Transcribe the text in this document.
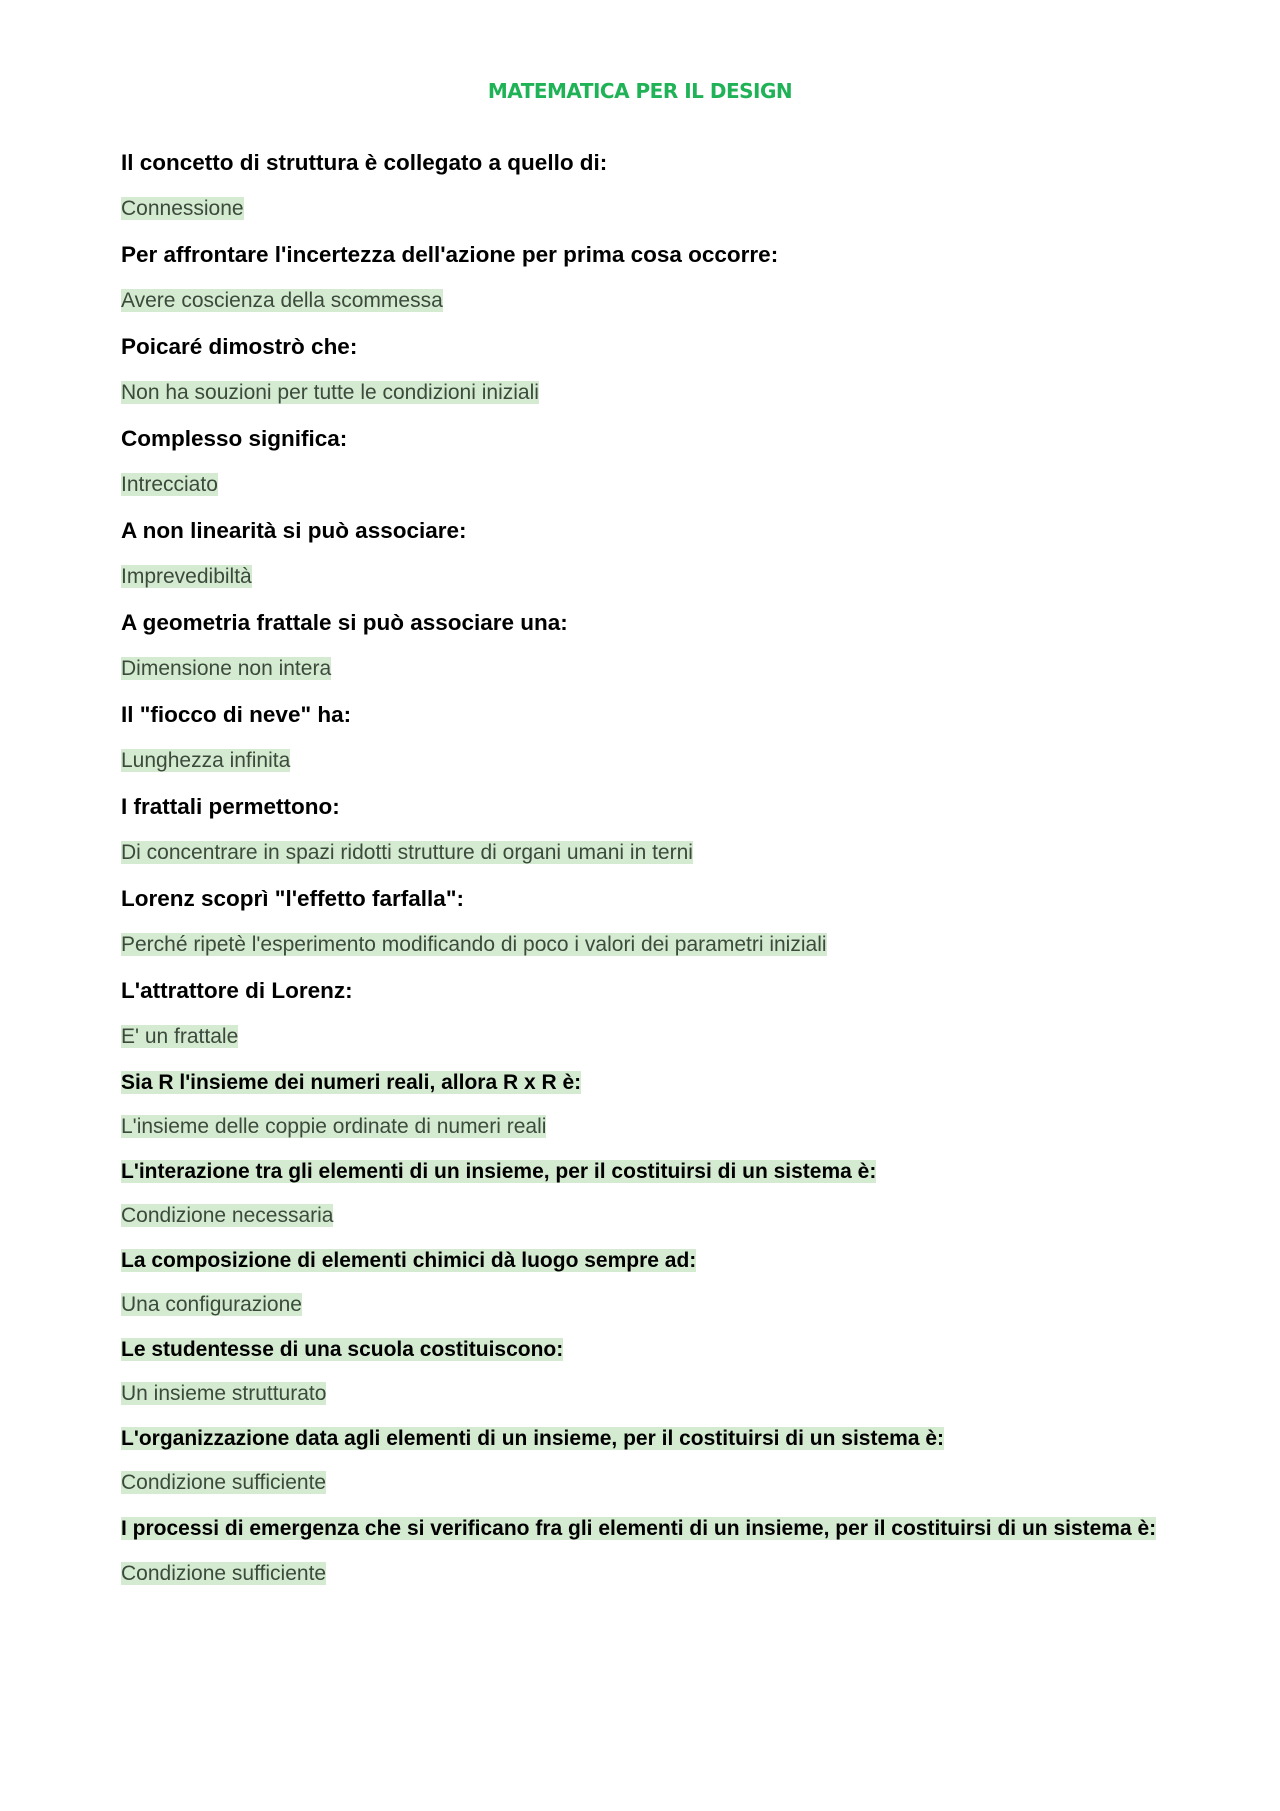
MATEMATICA PER IL DESIGN

Il concetto di struttura è collegato a quello di:

Connessione

Per affrontare l'incertezza dell'azione per prima cosa occorre:

Avere coscienza della scommessa

Poicaré dimostrò che:

Non ha souzioni per tutte le condizioni iniziali

Complesso significa:

Intrecciato

A non linearità si può associare:

Imprevedibiltà

A geometria frattale si può associare una:

Dimensione non intera

Il "fiocco di neve" ha:

Lunghezza infinita

I frattali permettono:

Di concentrare in spazi ridotti strutture di organi umani in terni

Lorenz scoprì "l'effetto farfalla":

Perché ripetè l'esperimento modificando di poco i valori dei parametri iniziali

L'attrattore di Lorenz:

E' un frattale

Sia R l'insieme dei numeri reali, allora R x R è:

L'insieme delle coppie ordinate di numeri reali

L'interazione tra gli elementi di un insieme, per il costituirsi di un sistema è:

Condizione necessaria

La composizione di elementi chimici dà luogo sempre ad:

Una configurazione

Le studentesse di una scuola costituiscono:

Un insieme strutturato

L'organizzazione data agli elementi di un insieme, per il costituirsi di un sistema è:

Condizione sufficiente

I processi di emergenza che si verificano fra gli elementi di un insieme, per il costituirsi di un sistema è:

Condizione sufficiente
